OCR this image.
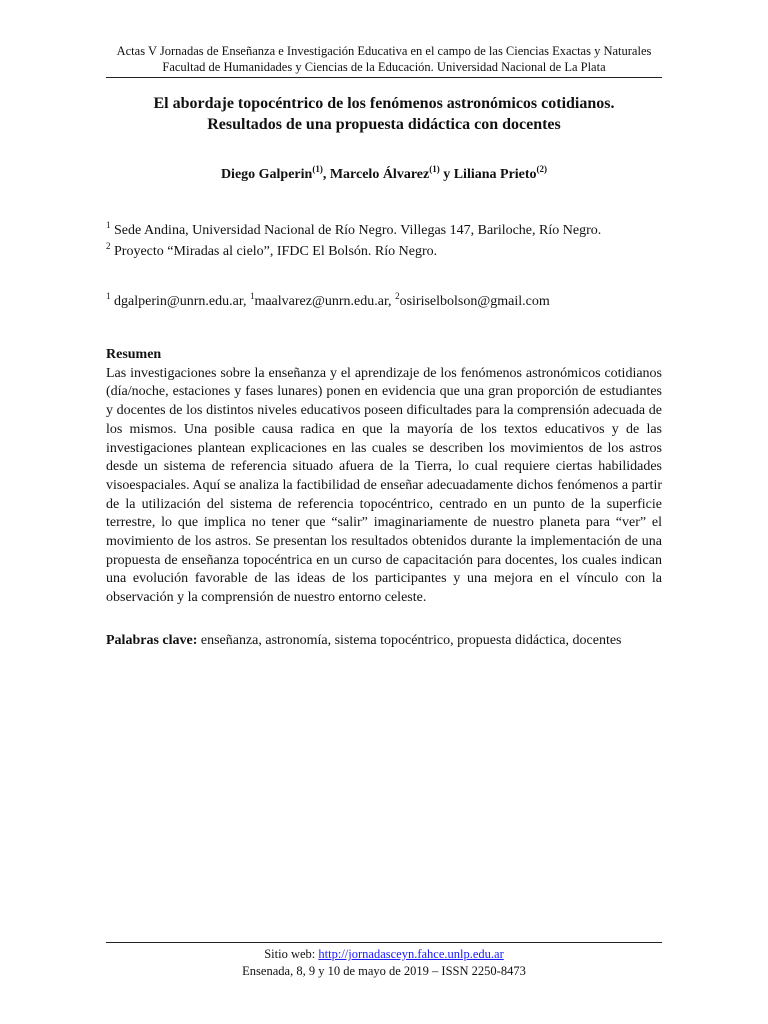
Actas V Jornadas de Enseñanza e Investigación Educativa en el campo de las Ciencias Exactas y Naturales
Facultad de Humanidades y Ciencias de la Educación. Universidad Nacional de La Plata
El abordaje topocéntrico de los fenómenos astronómicos cotidianos.
Resultados de una propuesta didáctica con docentes
Diego Galperin$^{(1)}$, Marcelo Álvarez$^{(1)}$ y Liliana Prieto$^{(2)}$
$^1$ Sede Andina, Universidad Nacional de Río Negro. Villegas 147, Bariloche, Río Negro.
$^2$ Proyecto “Miradas al cielo”, IFDC El Bolsón. Río Negro.
$^1$ dgalperin@unrn.edu.ar, $^1$maalvarez@unrn.edu.ar, $^2$osiriselbolson@gmail.com
Resumen
Las investigaciones sobre la enseñanza y el aprendizaje de los fenómenos astronómicos cotidianos (día/noche, estaciones y fases lunares) ponen en evidencia que una gran proporción de estudiantes y docentes de los distintos niveles educativos poseen dificultades para la comprensión adecuada de los mismos. Una posible causa radica en que la mayoría de los textos educativos y de las investigaciones plantean explicaciones en las cuales se describen los movimientos de los astros desde un sistema de referencia situado afuera de la Tierra, lo cual requiere ciertas habilidades visoespaciales. Aquí se analiza la factibilidad de enseñar adecuadamente dichos fenómenos a partir de la utilización del sistema de referencia topocéntrico, centrado en un punto de la superficie terrestre, lo que implica no tener que “salir” imaginariamente de nuestro planeta para “ver” el movimiento de los astros. Se presentan los resultados obtenidos durante la implementación de una propuesta de enseñanza topocéntrica en un curso de capacitación para docentes, los cuales indican una evolución favorable de las ideas de los participantes y una mejora en el vínculo con la observación y la comprensión de nuestro entorno celeste.
Palabras clave: enseñanza, astronomía, sistema topocéntrico, propuesta didáctica, docentes
Sitio web: http://jornadasceyn.fahce.unlp.edu.ar
Ensenada, 8, 9 y 10 de mayo de 2019 – ISSN 2250-8473
